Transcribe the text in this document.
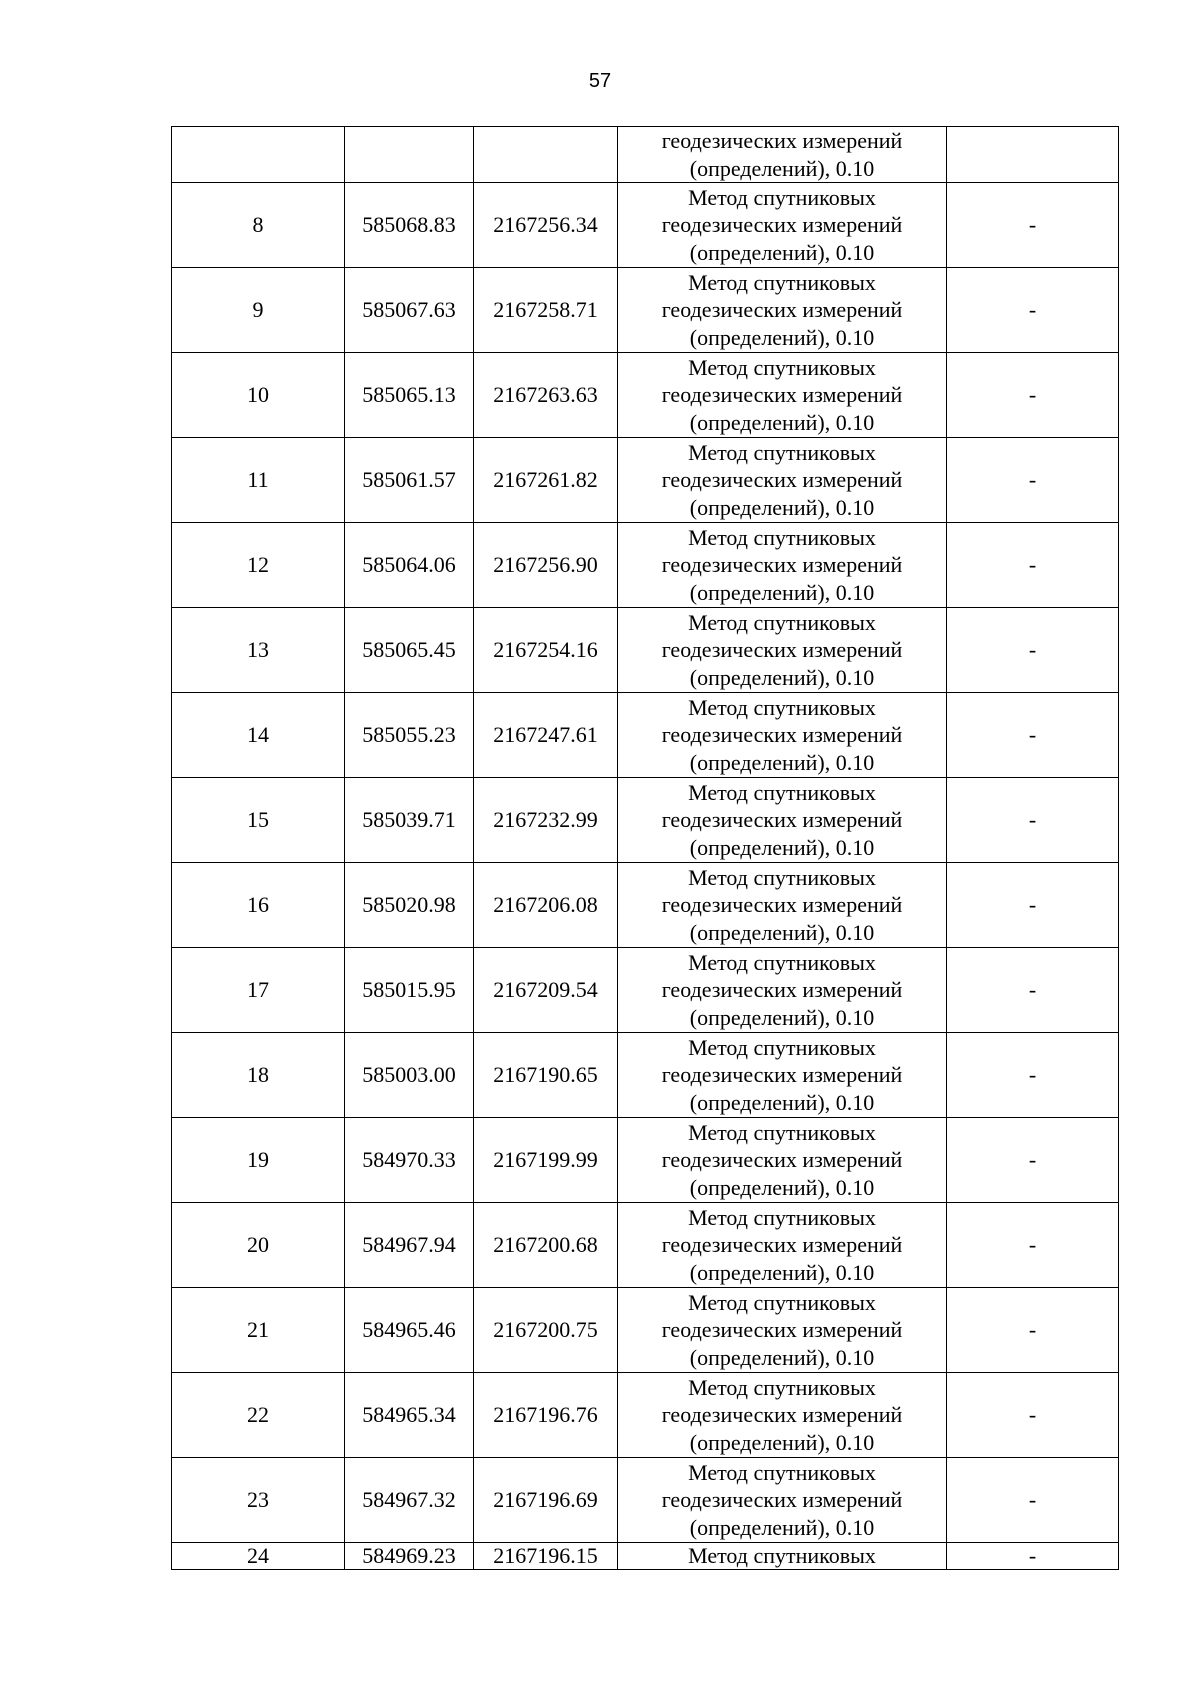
57

			геодезических измерений
(определений), 0.10	

8	585068.83	2167256.34	Метод спутниковых
геодезических измерений
(определений), 0.10	-
9	585067.63	2167258.71	Метод спутниковых
геодезических измерений
(определений), 0.10	-
10	585065.13	2167263.63	Метод спутниковых
геодезических измерений
(определений), 0.10	-
11	585061.57	2167261.82	Метод спутниковых
геодезических измерений
(определений), 0.10	-
12	585064.06	2167256.90	Метод спутниковых
геодезических измерений
(определений), 0.10	-
13	585065.45	2167254.16	Метод спутниковых
геодезических измерений
(определений), 0.10	-
14	585055.23	2167247.61	Метод спутниковых
геодезических измерений
(определений), 0.10	-
15	585039.71	2167232.99	Метод спутниковых
геодезических измерений
(определений), 0.10	-
16	585020.98	2167206.08	Метод спутниковых
геодезических измерений
(определений), 0.10	-
17	585015.95	2167209.54	Метод спутниковых
геодезических измерений
(определений), 0.10	-
18	585003.00	2167190.65	Метод спутниковых
геодезических измерений
(определений), 0.10	-
19	584970.33	2167199.99	Метод спутниковых
геодезических измерений
(определений), 0.10	-
20	584967.94	2167200.68	Метод спутниковых
геодезических измерений
(определений), 0.10	-
21	584965.46	2167200.75	Метод спутниковых
геодезических измерений
(определений), 0.10	-
22	584965.34	2167196.76	Метод спутниковых
геодезических измерений
(определений), 0.10	-
23	584967.32	2167196.69	Метод спутниковых
геодезических измерений
(определений), 0.10	-
24	584969.23	2167196.15	Метод спутниковых	-
